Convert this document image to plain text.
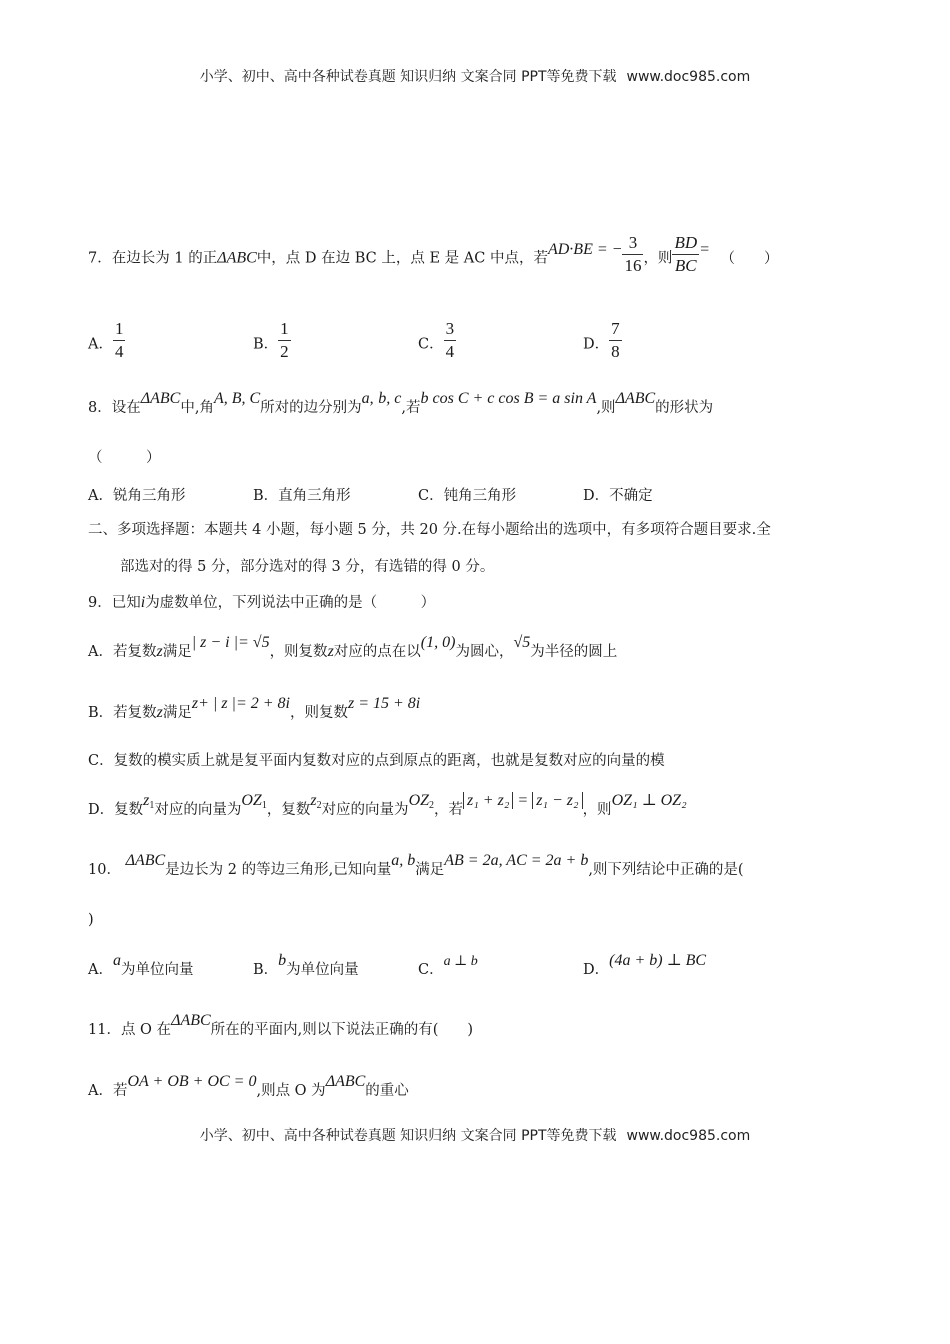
小学、初中、高中各种试卷真题 知识归纳 文案合同 PPT等免费下载 www.doc985.com
7．在边长为 1 的正ΔABC中，点 D 在边 BC 上，点 E 是 AC 中点，若AD·BE = − $\frac{3}{16}$ ，则 $\frac{BD}{BC}$ = （　　）
A． $\frac{1}{4}$	B． $\frac{1}{2}$	C． $\frac{3}{4}$	D． $\frac{7}{8}$
8．设在ΔABC中,角A, B, C所对的边分别为a, b, c,若b cos C + c cos B = a sin A,则ΔABC的形状为
（　　　）
A．锐角三角形	B．直角三角形	C．钝角三角形	D．不确定
二、多项选择题：本题共 4 小题，每小题 5 分，共 20 分.在每小题给出的选项中，有多项符合题目要求.全
部选对的得 5 分，部分选对的得 3 分，有选错的得 0 分。
9．已知i为虚数单位，下列说法中正确的是（　　　）
A．若复数z满足| z − i |= √5，则复数z对应的点在以(1, 0)为圆心，√5为半径的圆上
B．若复数z满足z+ | z |= 2 + 8i，则复数z = 15 + 8i
C．复数的模实质上就是复平面内复数对应的点到原点的距离，也就是复数对应的向量的模
D．复数$z_1$对应的向量为$OZ_1$，复数$z_2$对应的向量为$OZ_2$，若z₁ + z₂ = z₁ − z₂，则OZ₁ ⊥ OZ₂
10． ΔABC是边长为 2 的等边三角形,已知向量a, b满足AB = 2a, AC = 2a + b,则下列结论中正确的是(
)
A．a为单位向量	B．b为单位向量	C．a ⊥ b
D．(4a + b) ⊥ BC
11．点 O 在ΔABC所在的平面内,则以下说法正确的有(　　)
A．若OA + OB + OC = 0,则点 O 为ΔABC的重心
小学、初中、高中各种试卷真题 知识归纳 文案合同 PPT等免费下载 www.doc985.com
